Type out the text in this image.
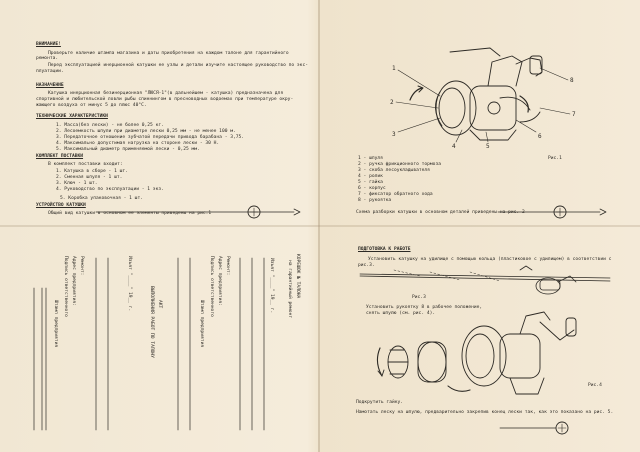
ВНИМАНИЕ!
Проверьте наличие штампа магазина и даты приобретения на каждом талоне для гарантийного
ремонта.
Перед эксплуатацией инерционной катушки ее узлы и детали изучите настоящее руководство по экс-
плуатации.
НАЗНАЧЕНИЕ
Катушка инерционная безинерционная "ЛЮСЯ-1"(в дальнейшем - катушка) предназначена для
спортивной и любительской ловли рыбы спиннингом в пресноводных водоемах при температуре окру-
жающего воздуха от минус 5 до плюс 40°С.
ТЕХНИЧЕСКИЕ ХАРАКТЕРИСТИКИ
1. Масса(без лески) - не более 0,25 кг.
2. Лесоемкость шпули при диаметре лески 0,25 мм - не менее 100 м.
3. Передаточное отношение зубчатой передачи привода барабана - 3,75.
4. Максимально допустимая нагрузка на стороне лески - 30 Н.
5. Максимальный диаметр применяемой лески - 0,25 мм.
КОМПЛЕКТ ПОСТАВКИ
В комплект поставки входит:
1. Катушка в сборе - 1 шт.
2. Сменная шпуля - 1 шт.
3. Ключ - 1 шт.
4. Руководство по эксплуатации - 1 экз.
5. Коробка упаковочная - 1 шт.
УСТРОЙСТВО КАТУШКИ
Общий вид катушки в основном ее элементы приведены на рис.1
Рис.1
1 - шпуля
2 - ручка фрикционного тормоза
3 - скоба лесоукладывателя
4 - ролик
5 - гайка
6 - корпус
7 - фиксатор обратного хода
8 - рукоятка
Схема разборки катушки в основном деталей приведены на рис. 2
ПОДГОТОВКА К РАБОТЕ
Установить катушку на удилище с помощью кольца (пластиковое с удилищем) в соответствии с
рис.3.
Рис.3
Установить рукоятку 8 в рабочее положение,
снять шпулю (см. рис. 4).
Рис.4
Подкрутить гайку.
Намотать леску на шпулю, предварительно закрепив конец лески так, как это показано на рис. 5.
КОРЕШОК № ТАЛОНА
на гарантийный ремонт
Изъят "____" 19__ г.
Ремонт:
Адрес предприятия:
Подпись ответственного
Штамп предприятия
АКТ
ВЫПОЛНЕНИЯ РАБОТ ПО ТАЛОНУ
Изъят "____" 19__ г.
Ремонт:
Адрес предприятия:
Подпись ответственного
Штамп предприятия
1
2
3
4	5
6
7
8
